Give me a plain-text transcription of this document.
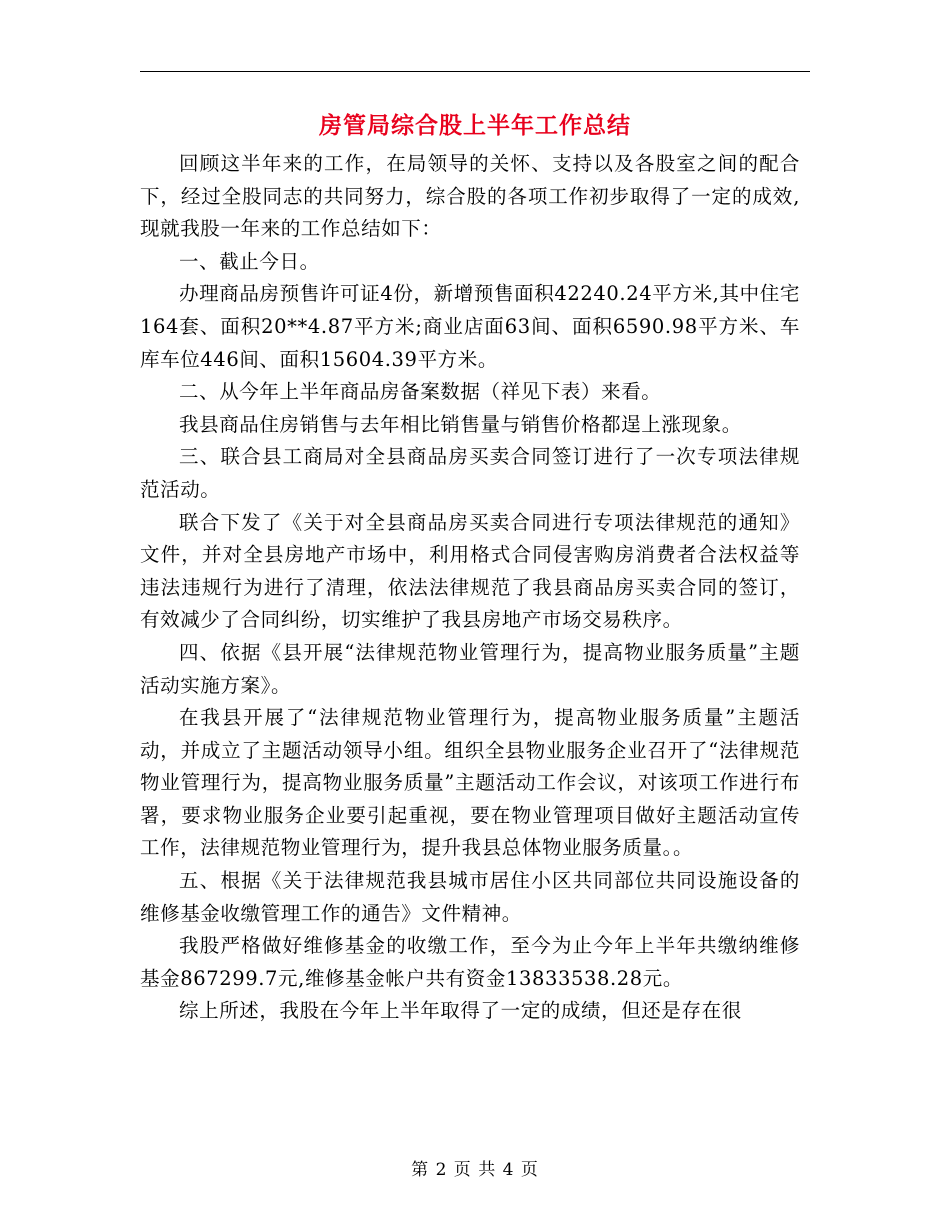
房管局综合股上半年工作总结

回顾这半年来的工作，在局领导的关怀、支持以及各股室之间的配合下，经过全股同志的共同努力，综合股的各项工作初步取得了一定的成效,现就我股一年来的工作总结如下：

一、截止今日。

办理商品房预售许可证4份，新增预售面积42240.24平方米,其中住宅164套、面积20**4.87平方米;商业店面63间、面积6590.98平方米、车库车位446间、面积15604.39平方米。

二、从今年上半年商品房备案数据（祥见下表）来看。

我县商品住房销售与去年相比销售量与销售价格都逞上涨现象。

三、联合县工商局对全县商品房买卖合同签订进行了一次专项法律规范活动。

联合下发了《关于对全县商品房买卖合同进行专项法律规范的通知》文件，并对全县房地产市场中，利用格式合同侵害购房消费者合法权益等违法违规行为进行了清理，依法法律规范了我县商品房买卖合同的签订，有效减少了合同纠纷，切实维护了我县房地产市场交易秩序。

四、依据《县开展“法律规范物业管理行为，提高物业服务质量”主题活动实施方案》。

在我县开展了“法律规范物业管理行为，提高物业服务质量”主题活动，并成立了主题活动领导小组。组织全县物业服务企业召开了“法律规范物业管理行为，提高物业服务质量”主题活动工作会议，对该项工作进行布署，要求物业服务企业要引起重视，要在物业管理项目做好主题活动宣传工作，法律规范物业管理行为，提升我县总体物业服务质量。。

五、根据《关于法律规范我县城市居住小区共同部位共同设施设备的维修基金收缴管理工作的通告》文件精神。

我股严格做好维修基金的收缴工作，至今为止今年上半年共缴纳维修基金867299.7元,维修基金帐户共有资金13833538.28元。

综上所述，我股在今年上半年取得了一定的成绩，但还是存在很

第 2 页 共 4 页
